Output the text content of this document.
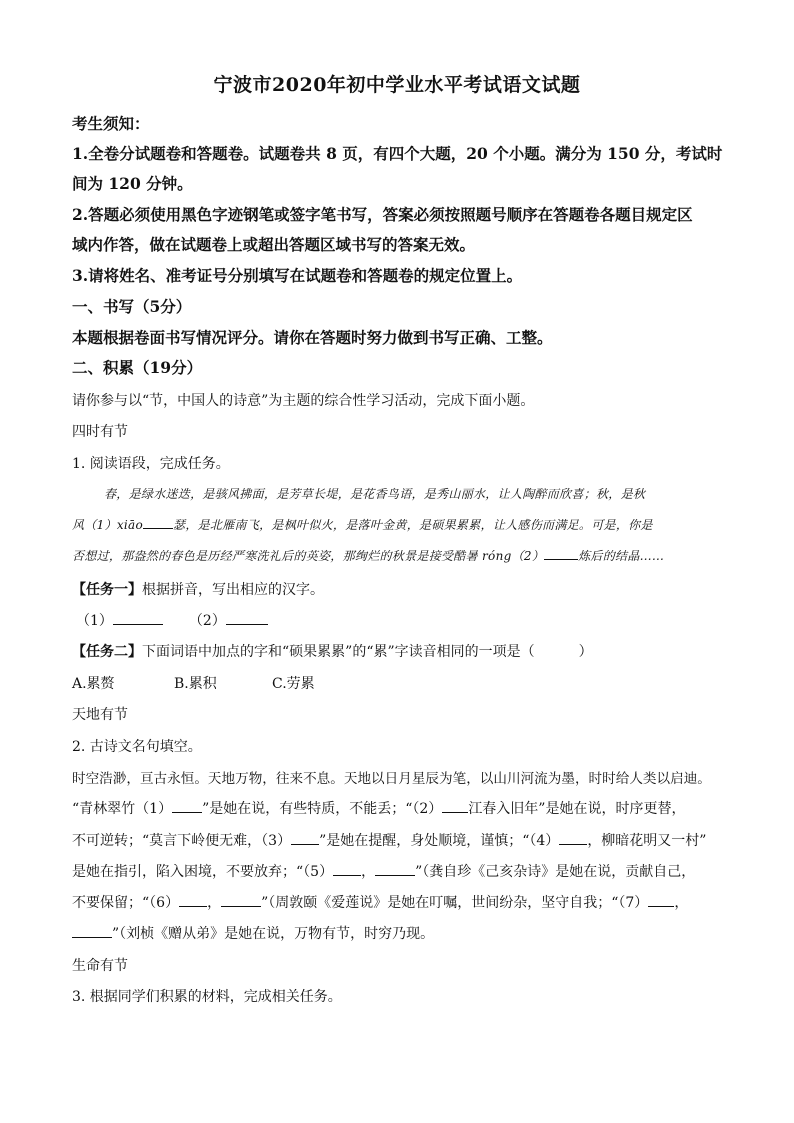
宁波市2020年初中学业水平考试语文试题
考生须知：
1.全卷分试题卷和答题卷。试题卷共 8 页，有四个大题，20 个小题。满分为 150 分，考试时
间为 120 分钟。
2.答题必须使用黑色字迹钢笔或签字笔书写，答案必须按照题号顺序在答题卷各题目规定区
域内作答，做在试题卷上或超出答题区域书写的答案无效。
3.请将姓名、准考证号分别填写在试题卷和答题卷的规定位置上。
一、书写（5分）
本题根据卷面书写情况评分。请你在答题时努力做到书写正确、工整。
二、积累（19分）
请你参与以“节，中国人的诗意”为主题的综合性学习活动，完成下面小题。
四时有节
1. 阅读语段，完成任务。
春，是绿水迷迭，是骇风拂面，是芳草长堤，是花香鸟语，是秀山丽水，让人陶醉而欣喜；秋，是秋
风（1）xiāo	瑟，是北雁南飞，是枫叶似火，是落叶金黄，是硕果累累，让人感伤而满足。可是，你是
否想过，那盎然的春色是历经严寒洗礼后的英姿，那绚烂的秋景是接受酷暑 róng（2）	炼后的结晶……
【任务一】根据拼音，写出相应的汉字。
（1）	（2）
【任务二】下面词语中加点的字和“硕果累累”的“累”字读音相同的一项是（	）
A.累赘	B.累积	C.劳累
天地有节
2. 古诗文名句填空。
时空浩渺，亘古永恒。天地万物，往来不息。天地以日月星辰为笔，以山川河流为墨，时时给人类以启迪。
“青林翠竹（1） ”是她在说，有些特质，不能丢；“（2） 江春入旧年”是她在说，时序更替，
不可逆转；“莫言下岭便无难，（3） ”是她在提醒，身处顺境，谨慎；“（4） ，柳暗花明又一村”
是她在指引，陷入困境，不要放弃；“（5） ，	”（龚自珍《己亥杂诗》是她在说，贡献自己，
不要保留；“（6） ，	”（周敦颐《爱莲说》是她在叮嘱，世间纷杂，坚守自我；“（7） ，
”（刘桢《赠从弟》是她在说，万物有节，时穷乃现。
生命有节
3. 根据同学们积累的材料，完成相关任务。
